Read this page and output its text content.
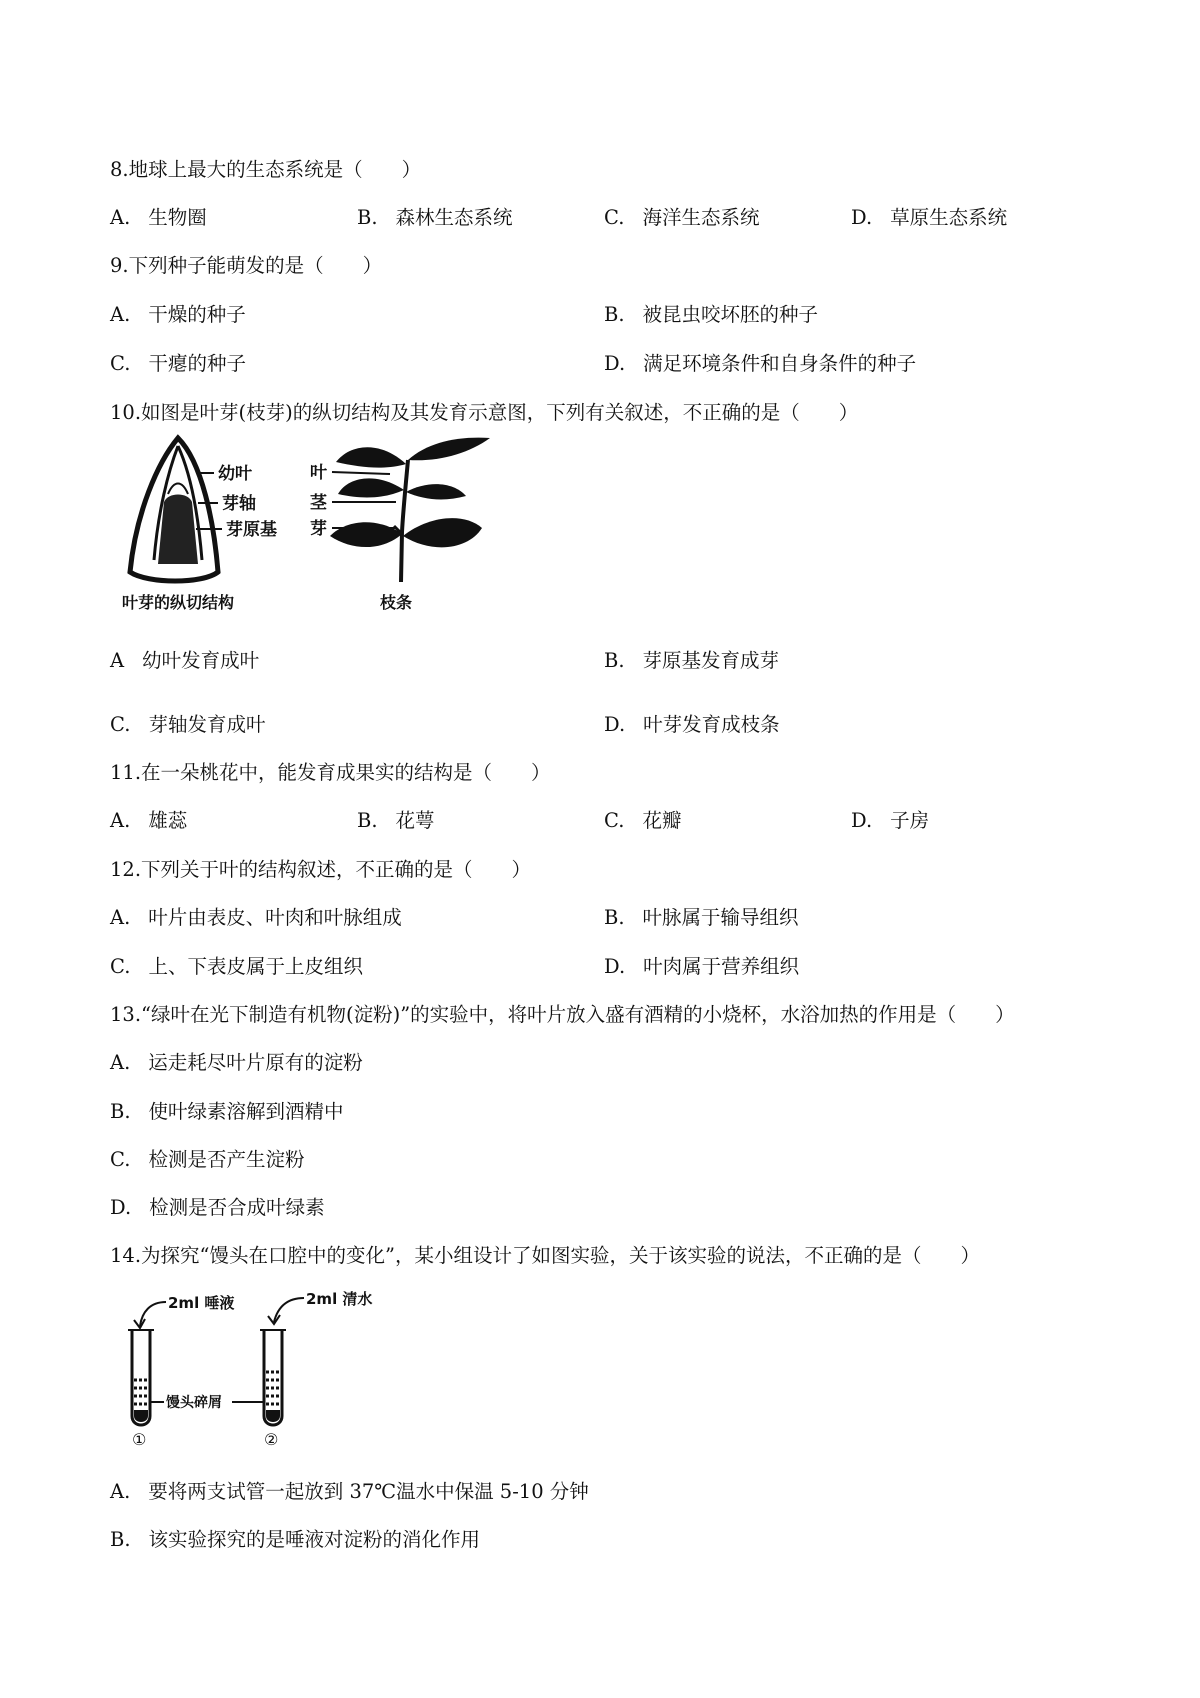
8.地球上最大的生态系统是（　　）
A. 生物圈	B. 森林生态系统	C. 海洋生态系统	D. 草原生态系统
9.下列种子能萌发的是（　　）
A. 干燥的种子	B. 被昆虫咬坏胚的种子
C. 干瘪的种子	D. 满足环境条件和自身条件的种子
10.如图是叶芽(枝芽)的纵切结构及其发育示意图，下列有关叙述，不正确的是（　　）
幼叶
芽轴
芽原基
叶芽的纵切结构
叶
茎
芽
枝条
A 幼叶发育成叶	B. 芽原基发育成芽
C. 芽轴发育成叶	D. 叶芽发育成枝条
11.在一朵桃花中，能发育成果实的结构是（　　）
A. 雄蕊	B. 花萼	C. 花瓣	D. 子房
12.下列关于叶的结构叙述，不正确的是（　　）
A. 叶片由表皮、叶肉和叶脉组成	B. 叶脉属于输导组织
C. 上、下表皮属于上皮组织	D. 叶肉属于营养组织
13.“绿叶在光下制造有机物(淀粉)”的实验中，将叶片放入盛有酒精的小烧杯，水浴加热的作用是（　　）
A. 运走耗尽叶片原有的淀粉
B. 使叶绿素溶解到酒精中
C. 检测是否产生淀粉
D. 检测是否合成叶绿素
14.为探究“馒头在口腔中的变化”，某小组设计了如图实验，关于该实验的说法，不正确的是（　　）
2ml 唾液	2ml 清水
馒头碎屑
①	②
A. 要将两支试管一起放到 37℃温水中保温 5-10 分钟
B. 该实验探究的是唾液对淀粉的消化作用
